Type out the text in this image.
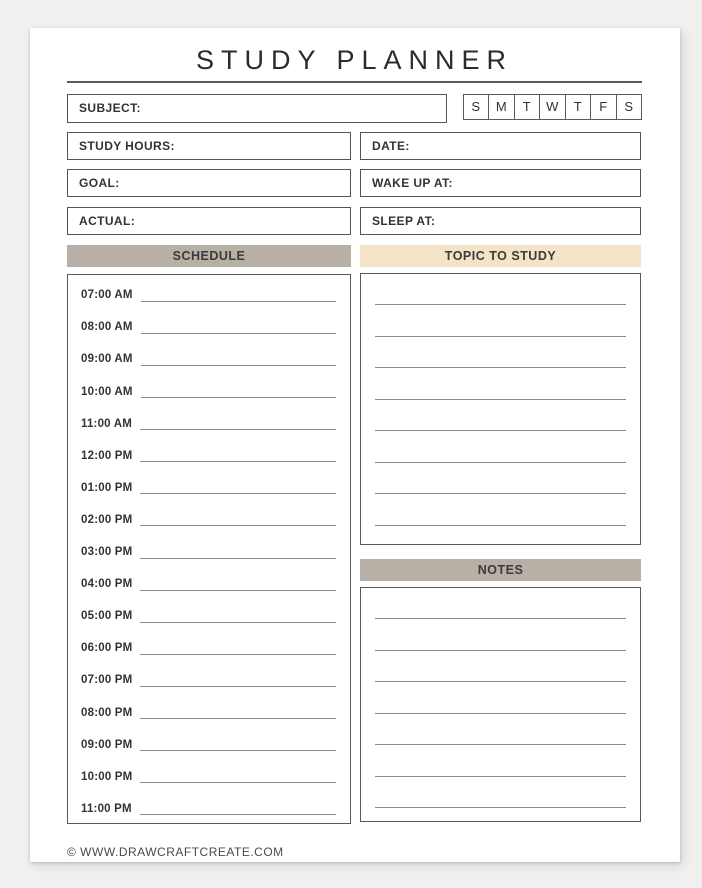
STUDY PLANNER
SUBJECT:	S	M	T	W	T	F	S
STUDY HOURS:	DATE:
GOAL:	WAKE UP AT:
ACTUAL:	SLEEP AT:
SCHEDULE
07:00 AM
08:00 AM
09:00 AM
10:00 AM
11:00 AM
12:00 PM
01:00 PM
02:00 PM
03:00 PM
04:00 PM
05:00 PM
06:00 PM
07:00 PM
08:00 PM
09:00 PM
10:00 PM
11:00 PM
TOPIC TO STUDY
NOTES
© WWW.DRAWCRAFTCREATE.COM
